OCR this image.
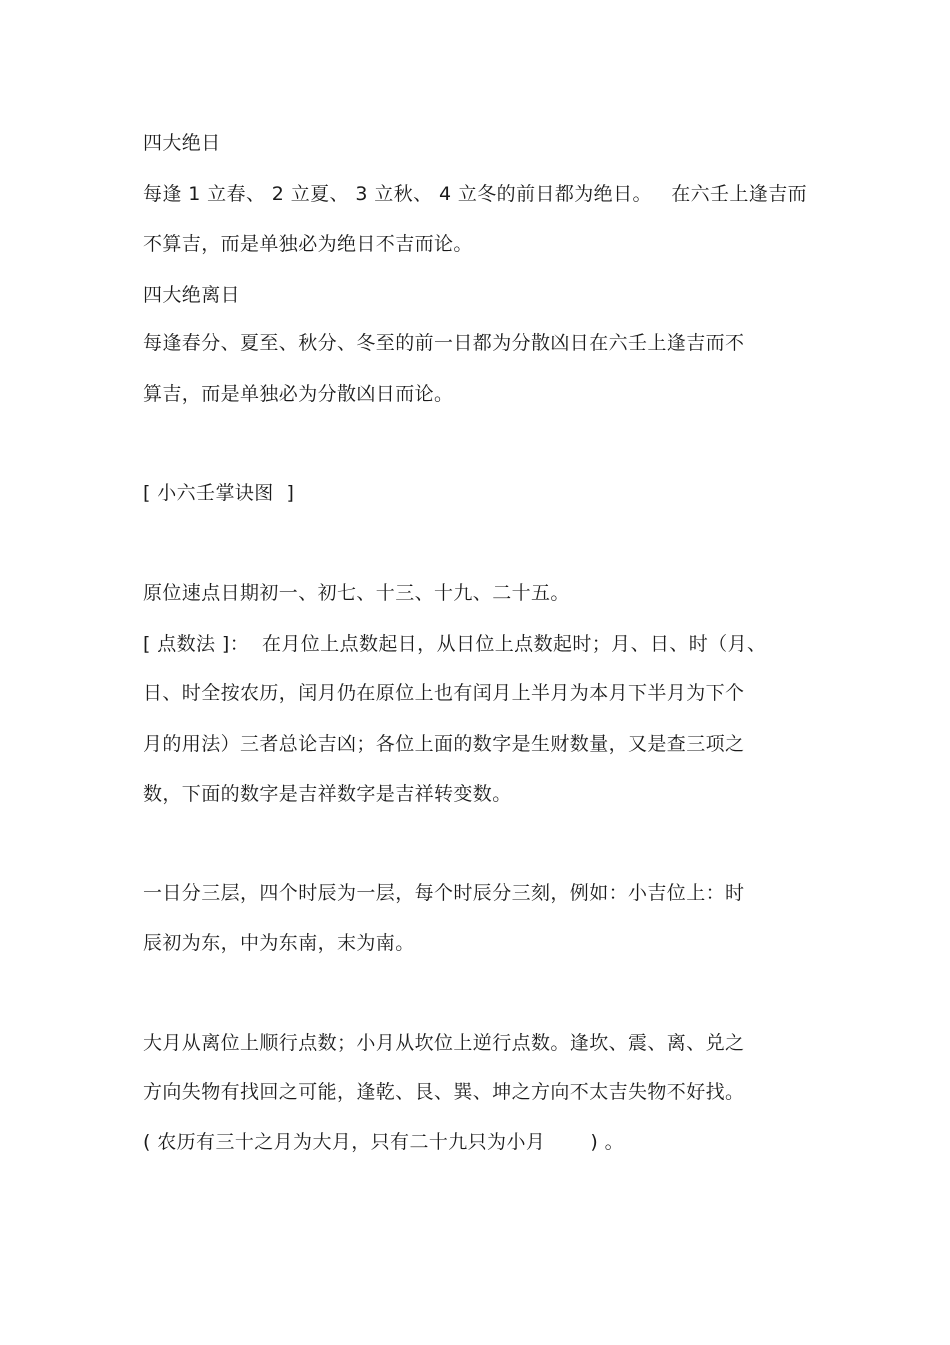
四大绝日
每逢 1 立春、 2 立夏、 3 立秋、 4 立冬的前日都为绝日。   在六壬上逢吉而
不算吉，而是单独必为绝日不吉而论。
四大绝离日
每逢春分、夏至、秋分、冬至的前一日都为分散凶日在六壬上逢吉而不
算吉，而是单独必为分散凶日而论。
[ 小六壬掌诀图  ]
原位速点日期初一、初七、十三、十九、二十五。
[ 点数法 ]：  在月位上点数起日，从日位上点数起时；月、日、时（月、
日、时全按农历，闰月仍在原位上也有闰月上半月为本月下半月为下个
月的用法）三者总论吉凶；各位上面的数字是生财数量，又是查三项之
数，下面的数字是吉祥数字是吉祥转变数。
一日分三层，四个时辰为一层，每个时辰分三刻，例如：小吉位上：时
辰初为东，中为东南，末为南。
大月从离位上顺行点数；小月从坎位上逆行点数。逢坎、震、离、兑之
方向失物有找回之可能，逢乾、艮、巽、坤之方向不太吉失物不好找。
( 农历有三十之月为大月，只有二十九只为小月       ) 。
